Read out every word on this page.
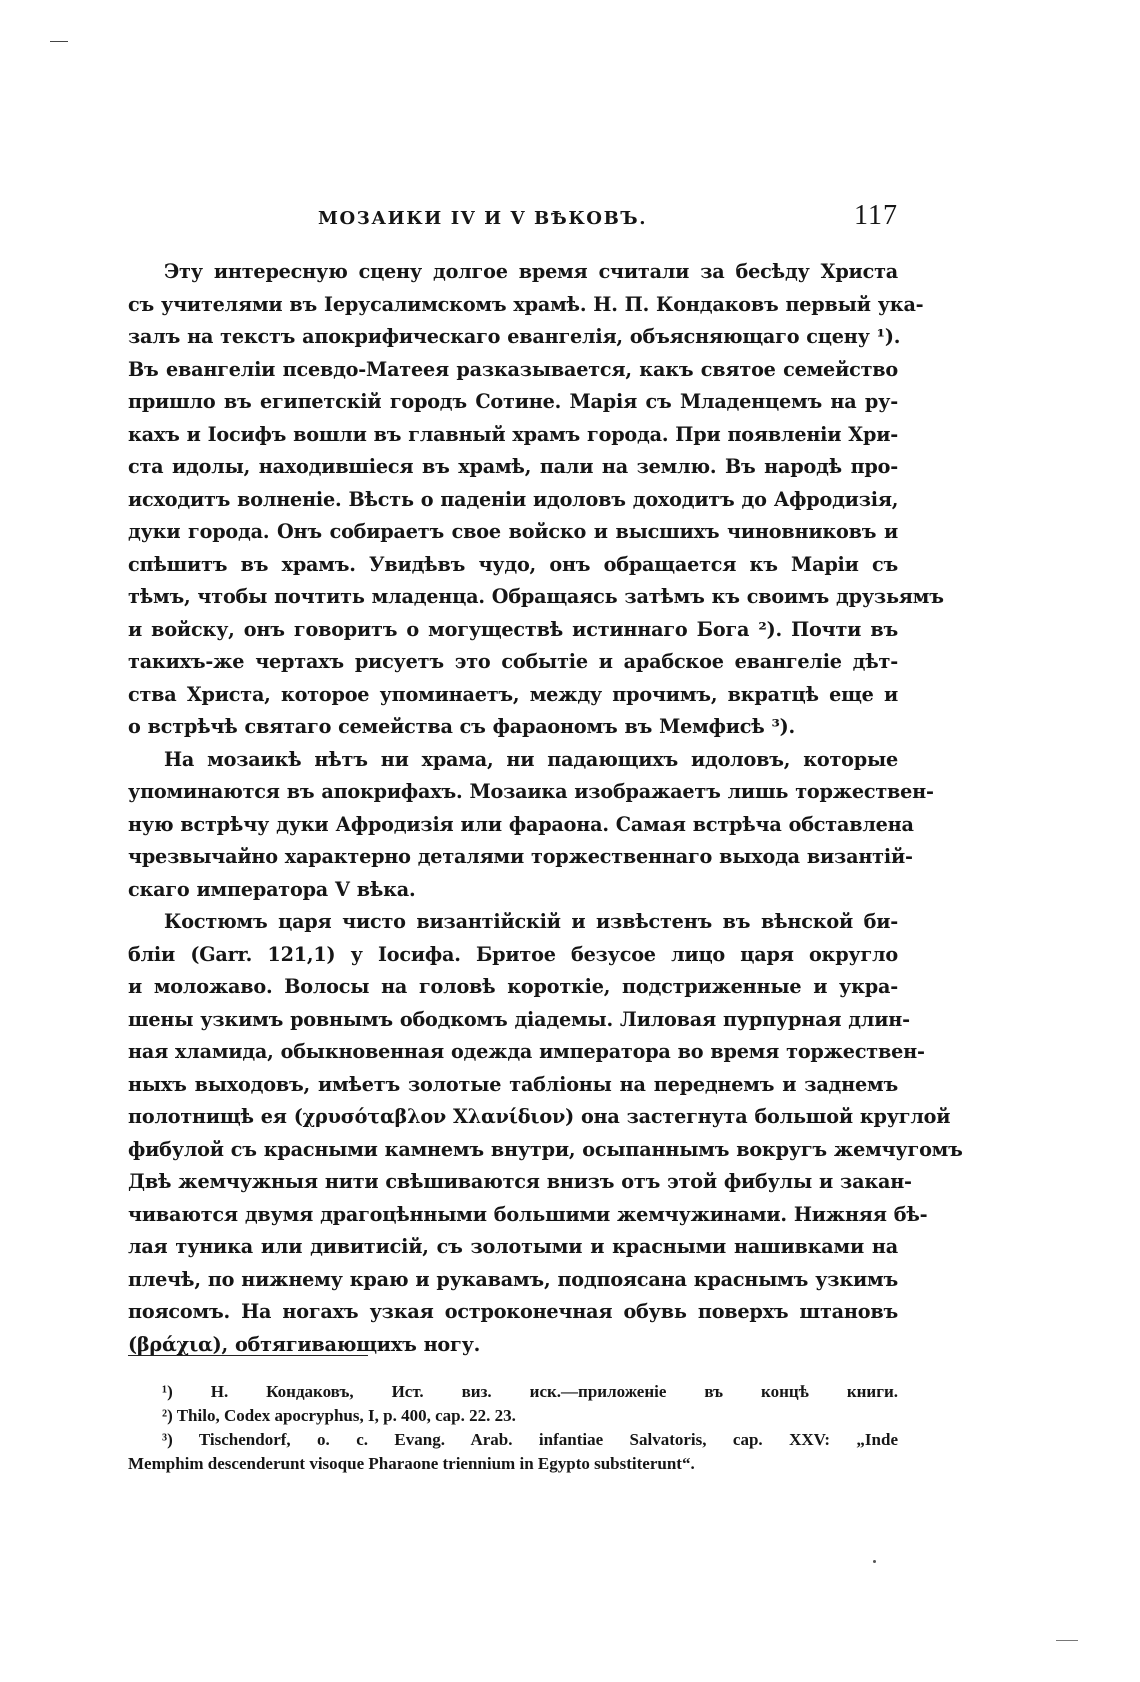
МОЗАИКИ IV И V ВѢКОВЪ.	117
Эту интересную сцену долгое время считали за бесѣду Христа
съ учителями въ Іерусалимскомъ храмѣ. Н. П. Кондаковъ первый ука-
залъ на текстъ апокрифическаго евангелія, объясняющаго сцену ¹).
Въ евангеліи псевдо-Матеея разказывается, какъ святое семейство
пришло въ египетскій городъ Сотине. Марія съ Младенцемъ на ру-
кахъ и Іосифъ вошли въ главный храмъ города. При появленіи Хри-
ста идолы, находившіеся въ храмѣ, пали на землю. Въ народѣ про-
исходитъ волненіе. Вѣсть о паденіи идоловъ доходитъ до Афродизія,
дуки города. Онъ собираетъ свое войско и высшихъ чиновниковъ и
спѣшитъ въ храмъ. Увидѣвъ чудо, онъ обращается къ Маріи съ
тѣмъ, чтобы почтить младенца. Обращаясь затѣмъ къ своимъ друзьямъ
и войску, онъ говоритъ о могуществѣ истиннаго Бога ²). Почти въ
такихъ-же чертахъ рисуетъ это событіе и арабское евангеліе дѣт-
ства Христа, которое упоминаетъ, между прочимъ, вкратцѣ еще и
о встрѣчѣ святаго семейства съ фараономъ въ Мемфисѣ ³).
На мозаикѣ нѣтъ ни храма, ни падающихъ идоловъ, которые
упоминаются въ апокрифахъ. Мозаика изображаетъ лишь торжествен-
ную встрѣчу дуки Афродизія или фараона. Самая встрѣча обставлена
чрезвычайно характерно деталями торжественнаго выхода византій-
скаго императора V вѣка.
Костюмъ царя чисто византійскій и извѣстенъ въ вѣнской би-
бліи (Garr. 121,1) у Іосифа. Бритое безусое лицо царя округло
и моложаво. Волосы на головѣ короткіе, подстриженные и укра-
шены узкимъ ровнымъ ободкомъ діадемы. Лиловая пурпурная длин-
ная хламида, обыкновенная одежда императора во время торжествен-
ныхъ выходовъ, имѣетъ золотые табліоны на переднемъ и заднемъ
полотнищѣ ея (χρυσόταβλον Χλανίδιον) она застегнута большой круглой
фибулой съ красными камнемъ внутри, осыпаннымъ вокругъ жемчугомъ
Двѣ жемчужныя нити свѣшиваются внизъ отъ этой фибулы и закан-
чиваются двумя драгоцѣнными большими жемчужинами. Нижняя бѣ-
лая туника или дивитисій, съ золотыми и красными нашивками на
плечѣ, по нижнему краю и рукавамъ, подпоясана краснымъ узкимъ
поясомъ. На ногахъ узкая остроконечная обувь поверхъ штановъ
(βράχια), обтягивающихъ ногу.
¹) Н. Кондаковъ, Ист. виз. иск.—приложеніе въ концѣ книги.
²) Thilo, Codex apocryphus, I, p. 400, cap. 22. 23.
³) Tischendorf, o. c. Evang. Arab. infantiae Salvatoris, cap. XXV: „Inde
Memphim descenderunt visoque Pharaone triennium in Egypto substiterunt“.
